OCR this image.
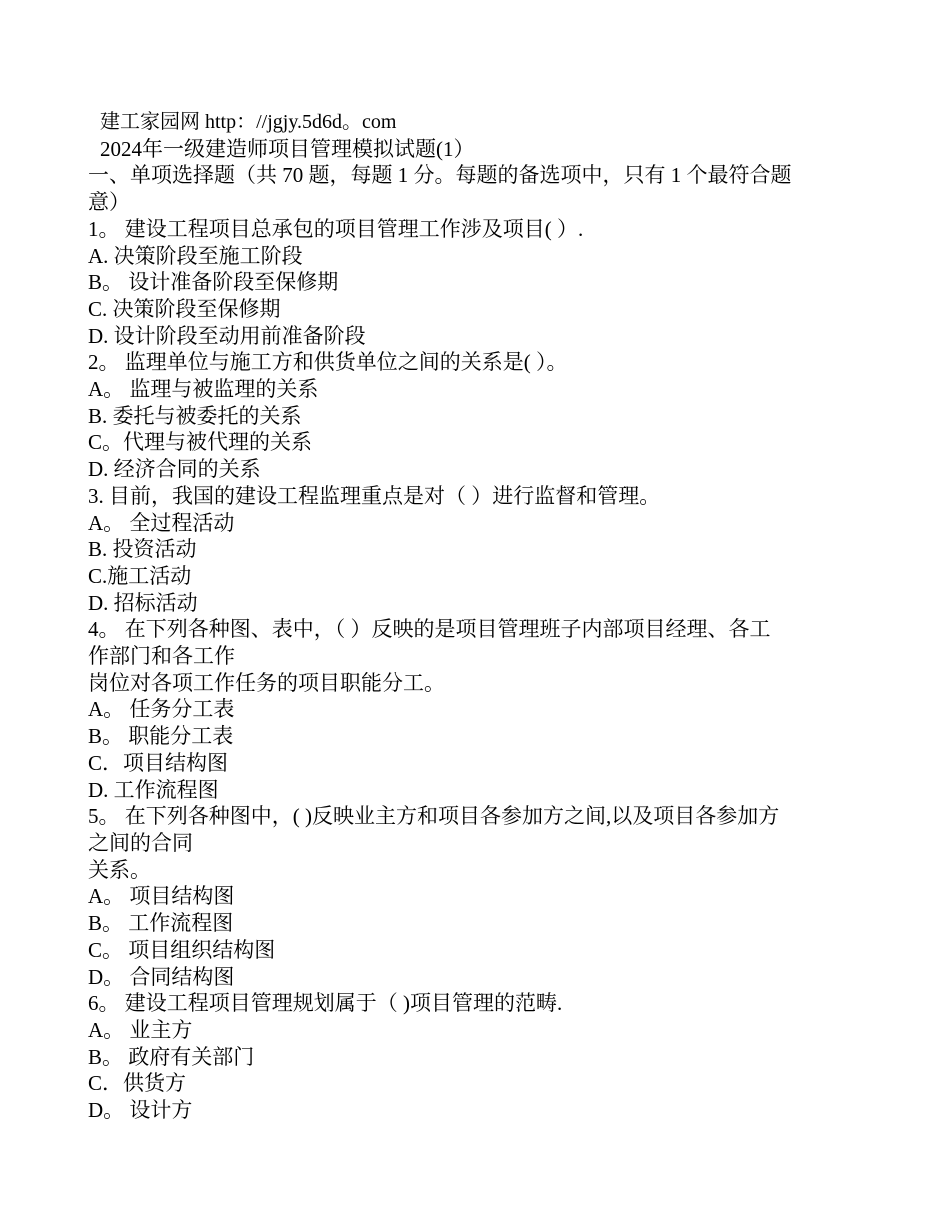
建工家园网 http：//jgjy.5d6d。com
2024年一级建造师项目管理模拟试题(1）
一、单项选择题（共 70 题，每题 1 分。每题的备选项中，只有 1 个最符合题
意）
1。 建设工程项目总承包的项目管理工作涉及项目( ）.
A. 决策阶段至施工阶段
B。 设计准备阶段至保修期
C. 决策阶段至保修期
D. 设计阶段至动用前准备阶段
2。 监理单位与施工方和供货单位之间的关系是( ）。
A。 监理与被监理的关系
B. 委托与被委托的关系
C。代理与被代理的关系
D. 经济合同的关系
3. 目前，我国的建设工程监理重点是对（ ）进行监督和管理。
A。 全过程活动
B. 投资活动
C.施工活动
D. 招标活动
4。 在下列各种图、表中，（ ）反映的是项目管理班子内部项目经理、各工
作部门和各工作
岗位对各项工作任务的项目职能分工。
A。 任务分工表
B。 职能分工表
C．项目结构图
D. 工作流程图
5。 在下列各种图中，( )反映业主方和项目各参加方之间,以及项目各参加方
之间的合同
关系。
A。 项目结构图
B。 工作流程图
C。 项目组织结构图
D。 合同结构图
6。 建设工程项目管理规划属于（ )项目管理的范畴.
A。 业主方
B。 政府有关部门
C．供货方
D。 设计方
